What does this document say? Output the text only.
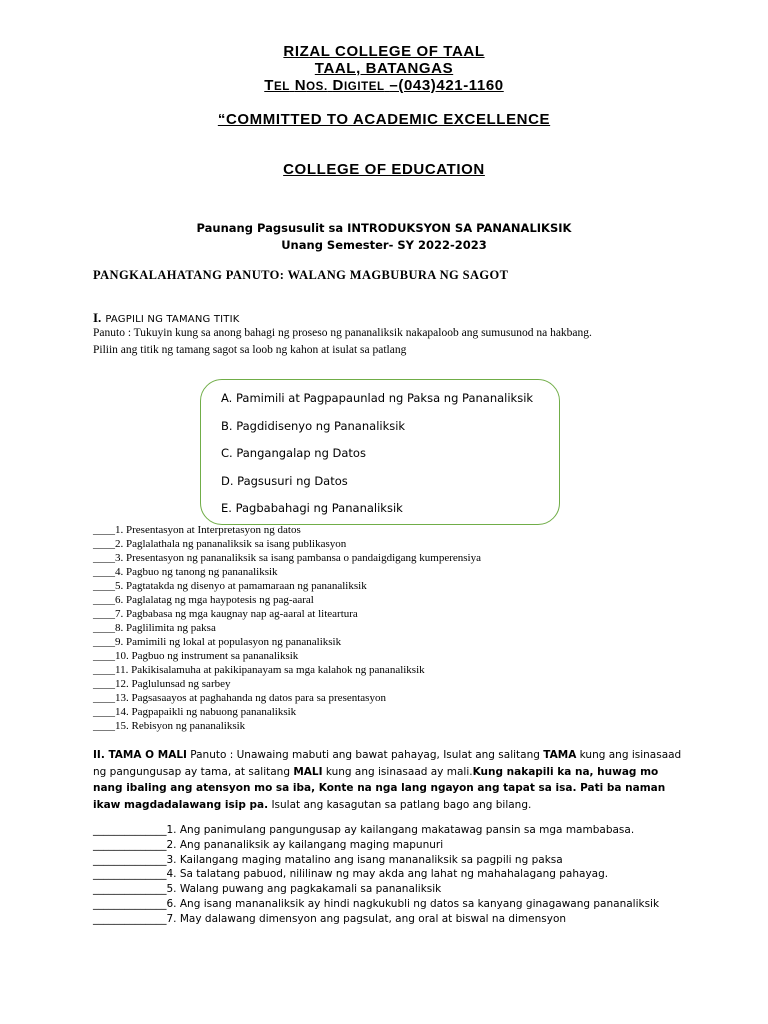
RIZAL COLLEGE OF TAAL
TAAL, BATANGAS
TEL NOS. DIGITEL –(043)421-1160
“COMMITTED TO ACADEMIC EXCELLENCE
COLLEGE OF EDUCATION
Paunang Pagsusulit sa INTRODUKSYON SA PANANALIKSIK
Unang Semester- SY 2022-2023
PANGKALAHATANG PANUTO: WALANG MAGBUBURA NG SAGOT
I. PAGPILI NG TAMANG TITIK
Panuto : Tukuyin kung sa anong bahagi ng proseso ng pananaliksik nakapaloob ang sumusunod na hakbang.
Piliin ang titik ng tamang sagot sa loob ng kahon at isulat sa patlang
A. Pamimili at Pagpapaunlad ng Paksa ng Pananaliksik
B. Pagdidisenyo ng Pananaliksik
C. Pangangalap ng Datos
D. Pagsusuri ng Datos
E. Pagbabahagi ng Pananaliksik
____1. Presentasyon at Interpretasyon ng datos
____2. Paglalathala ng pananaliksik sa isang publikasyon
____3. Presentasyon ng pananaliksik sa isang pambansa o pandaigdigang kumperensiya
____4. Pagbuo ng tanong ng pananaliksik
____5. Pagtatakda ng disenyo at pamamaraan ng pananaliksik
____6. Paglalatag ng mga haypotesis ng pag-aaral
____7. Pagbabasa ng mga kaugnay nap ag-aaral at liteartura
____8. Paglilimita ng paksa
____9. Pamimili ng lokal at populasyon ng pananaliksik
____10. Pagbuo ng instrument sa pananaliksik
____11. Pakikisalamuha at pakikipanayam sa mga kalahok ng pananaliksik
____12. Paglulunsad ng sarbey
____13. Pagsasaayos at paghahanda ng datos para sa presentasyon
____14. Pagpapaikli ng nabuong pananaliksik
____15. Rebisyon ng pananaliksik
II. TAMA O MALI Panuto : Unawaing mabuti ang bawat pahayag, Isulat ang salitang TAMA kung ang isinasaad ng pangungusap ay tama, at salitang MALI kung ang isinasaad ay mali.Kung nakapili ka na, huwag mo nang ibaling ang atensyon mo sa iba, Konte na nga lang ngayon ang tapat sa isa. Pati ba naman ikaw magdadalawang isip pa. Isulat ang kasagutan sa patlang bago ang bilang.
______________1. Ang panimulang pangungusap ay kailangang makatawag pansin sa mga mambabasa.
______________2. Ang pananaliksik ay kailangang maging mapunuri
______________3. Kailangang maging matalino ang isang mananaliksik sa pagpili ng paksa
______________4. Sa talatang pabuod, nililinaw ng may akda ang lahat ng mahahalagang pahayag.
______________5. Walang puwang ang pagkakamali sa pananaliksik
______________6. Ang isang mananaliksik ay hindi nagkukubli ng datos sa kanyang ginagawang pananaliksik
______________7. May dalawang dimensyon ang pagsulat, ang oral at biswal na dimensyon
